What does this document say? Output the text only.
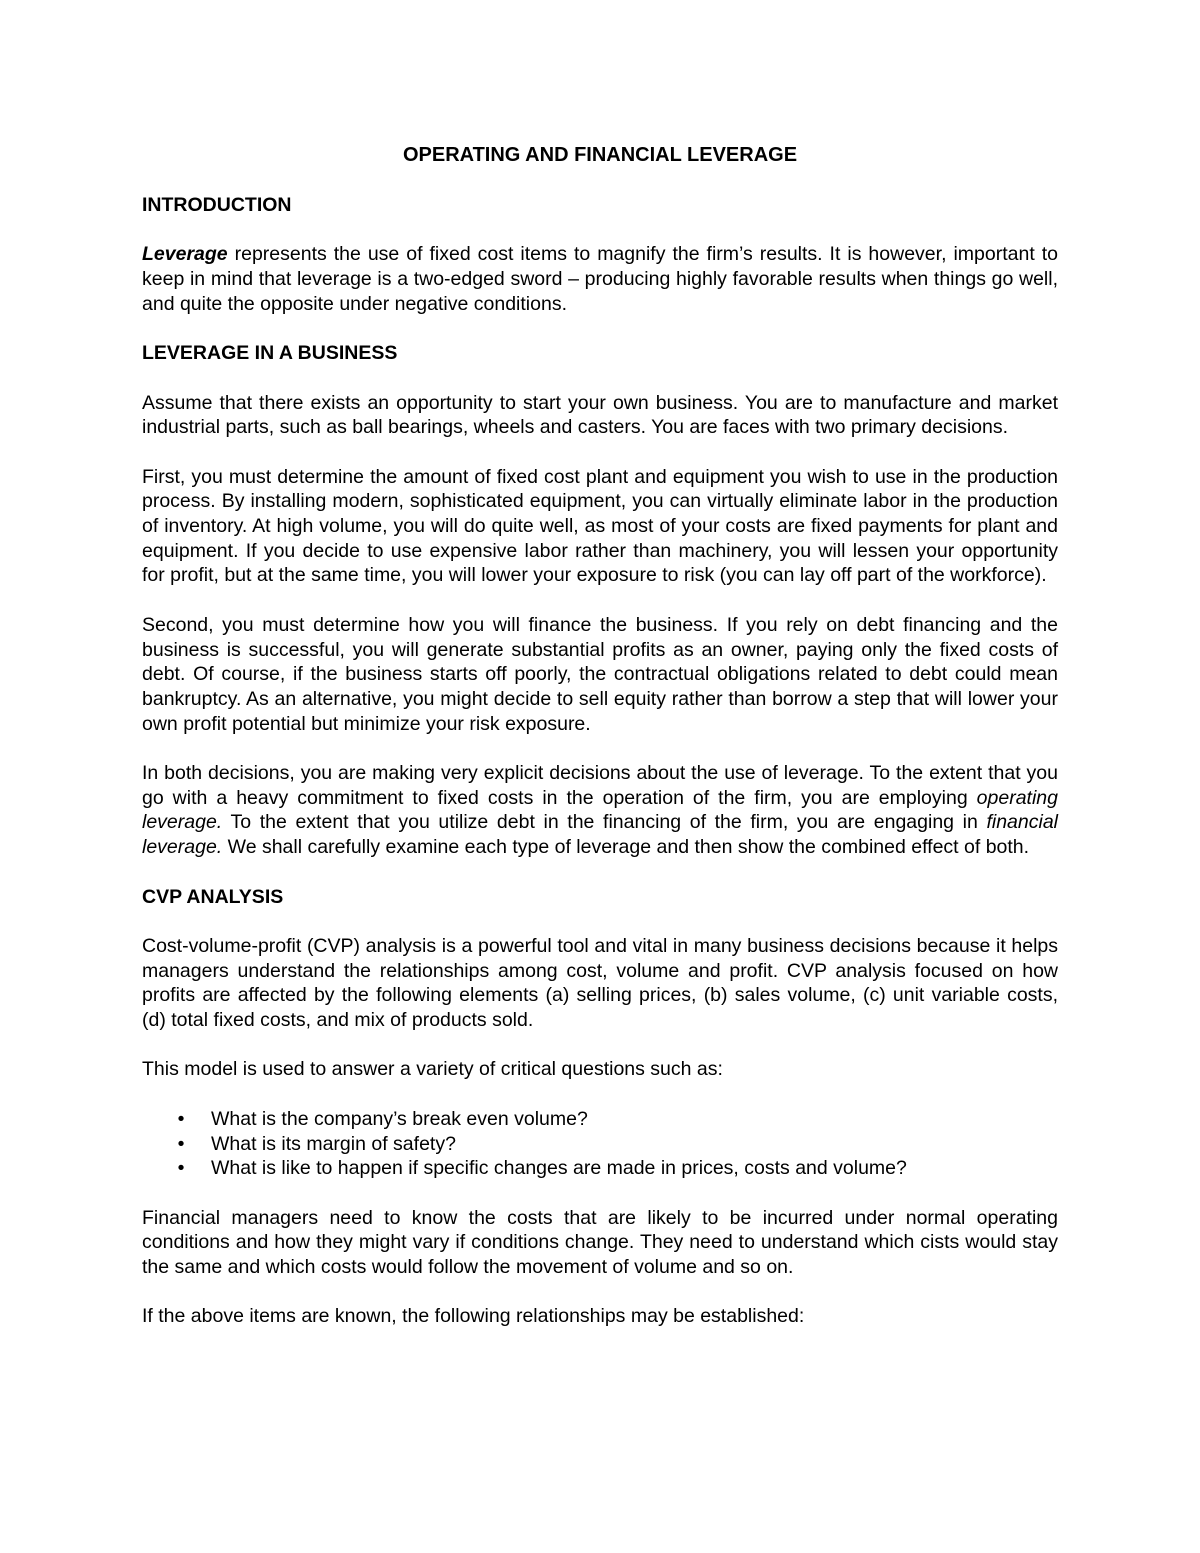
OPERATING AND FINANCIAL LEVERAGE
INTRODUCTION

Leverage represents the use of fixed cost items to magnify the firm’s results. It is however, important to keep in mind that leverage is a two-edged sword – producing highly favorable results when things go well, and quite the opposite under negative conditions.

LEVERAGE IN A BUSINESS

Assume that there exists an opportunity to start your own business. You are to manufacture and market industrial parts, such as ball bearings, wheels and casters. You are faces with two primary decisions.

First, you must determine the amount of fixed cost plant and equipment you wish to use in the production process. By installing modern, sophisticated equipment, you can virtually eliminate labor in the production of inventory. At high volume, you will do quite well, as most of your costs are fixed payments for plant and equipment. If you decide to use expensive labor rather than machinery, you will lessen your opportunity for profit, but at the same time, you will lower your exposure to risk (you can lay off part of the workforce).

Second, you must determine how you will finance the business. If you rely on debt financing and the business is successful, you will generate substantial profits as an owner, paying only the fixed costs of debt. Of course, if the business starts off poorly, the contractual obligations related to debt could mean bankruptcy. As an alternative, you might decide to sell equity rather than borrow a step that will lower your own profit potential but minimize your risk exposure.

In both decisions, you are making very explicit decisions about the use of leverage. To the extent that you go with a heavy commitment to fixed costs in the operation of the firm, you are employing operating leverage. To the extent that you utilize debt in the financing of the firm, you are engaging in financial leverage. We shall carefully examine each type of leverage and then show the combined effect of both.

CVP ANALYSIS

Cost-volume-profit (CVP) analysis is a powerful tool and vital in many business decisions because it helps managers understand the relationships among cost, volume and profit. CVP analysis focused on how profits are affected by the following elements (a) selling prices, (b) sales volume, (c) unit variable costs, (d) total fixed costs, and mix of products sold.

This model is used to answer a variety of critical questions such as:

• What is the company’s break even volume?
• What is its margin of safety?
• What is like to happen if specific changes are made in prices, costs and volume?

Financial managers need to know the costs that are likely to be incurred under normal operating conditions and how they might vary if conditions change. They need to understand which cists would stay the same and which costs would follow the movement of volume and so on.

If the above items are known, the following relationships may be established:
